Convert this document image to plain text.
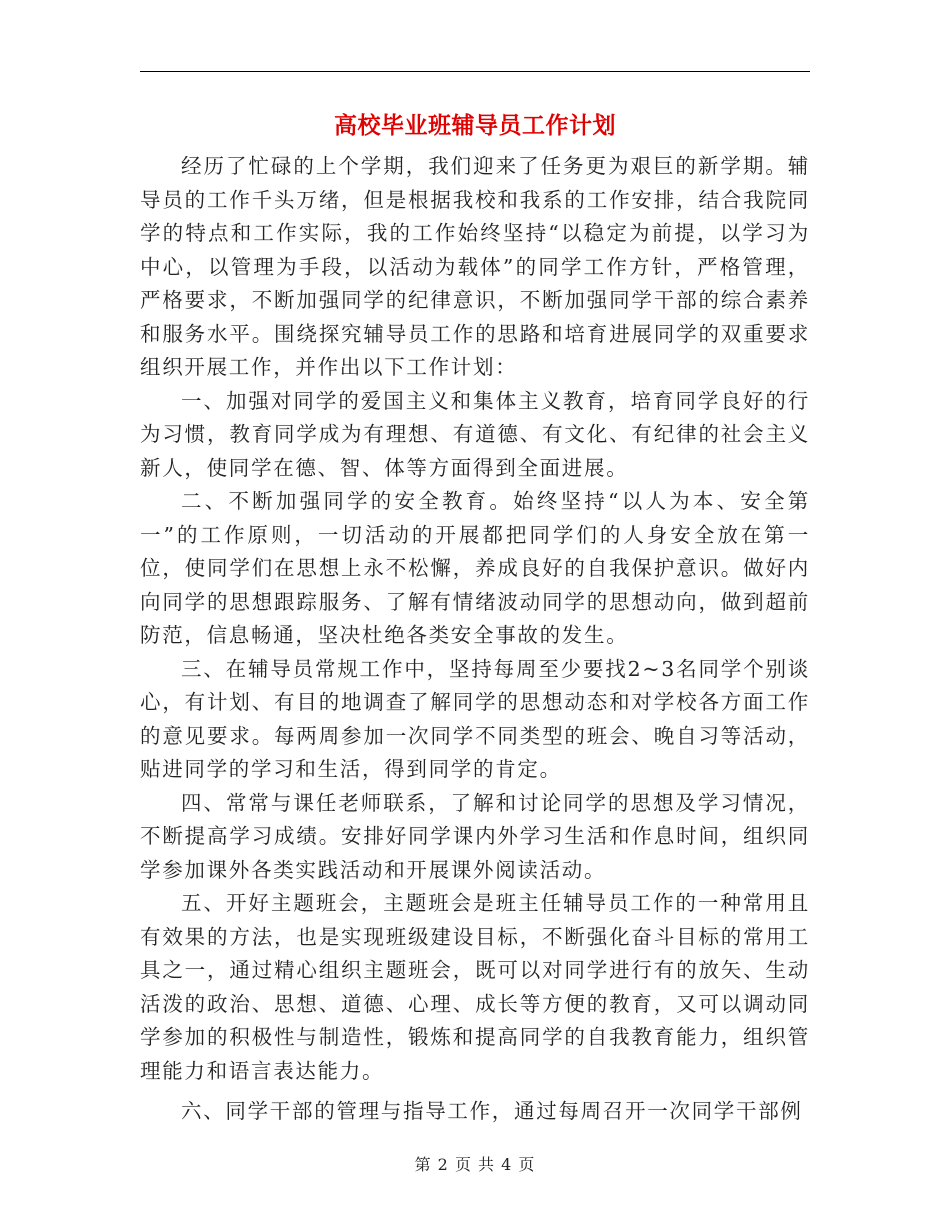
高校毕业班辅导员工作计划

经历了忙碌的上个学期，我们迎来了任务更为艰巨的新学期。辅导员的工作千头万绪，但是根据我校和我系的工作安排，结合我院同学的特点和工作实际，我的工作始终坚持“以稳定为前提，以学习为中心，以管理为手段，以活动为载体”的同学工作方针，严格管理，严格要求，不断加强同学的纪律意识，不断加强同学干部的综合素养和服务水平。围绕探究辅导员工作的思路和培育进展同学的双重要求组织开展工作，并作出以下工作计划：

一、加强对同学的爱国主义和集体主义教育，培育同学良好的行为习惯，教育同学成为有理想、有道德、有文化、有纪律的社会主义新人，使同学在德、智、体等方面得到全面进展。

二、不断加强同学的安全教育。始终坚持“以人为本、安全第一”的工作原则，一切活动的开展都把同学们的人身安全放在第一位，使同学们在思想上永不松懈，养成良好的自我保护意识。做好内向同学的思想跟踪服务、了解有情绪波动同学的思想动向，做到超前防范，信息畅通，坚决杜绝各类安全事故的发生。

三、在辅导员常规工作中，坚持每周至少要找2~3名同学个别谈心，有计划、有目的地调查了解同学的思想动态和对学校各方面工作的意见要求。每两周参加一次同学不同类型的班会、晚自习等活动，贴进同学的学习和生活，得到同学的肯定。

四、常常与课任老师联系，了解和讨论同学的思想及学习情况，不断提高学习成绩。安排好同学课内外学习生活和作息时间，组织同学参加课外各类实践活动和开展课外阅读活动。

五、开好主题班会，主题班会是班主任辅导员工作的一种常用且有效果的方法，也是实现班级建设目标，不断强化奋斗目标的常用工具之一，通过精心组织主题班会，既可以对同学进行有的放矢、生动活泼的政治、思想、道德、心理、成长等方便的教育，又可以调动同学参加的积极性与制造性，锻炼和提高同学的自我教育能力，组织管理能力和语言表达能力。

六、同学干部的管理与指导工作，通过每周召开一次同学干部例

第 2 页 共 4 页
